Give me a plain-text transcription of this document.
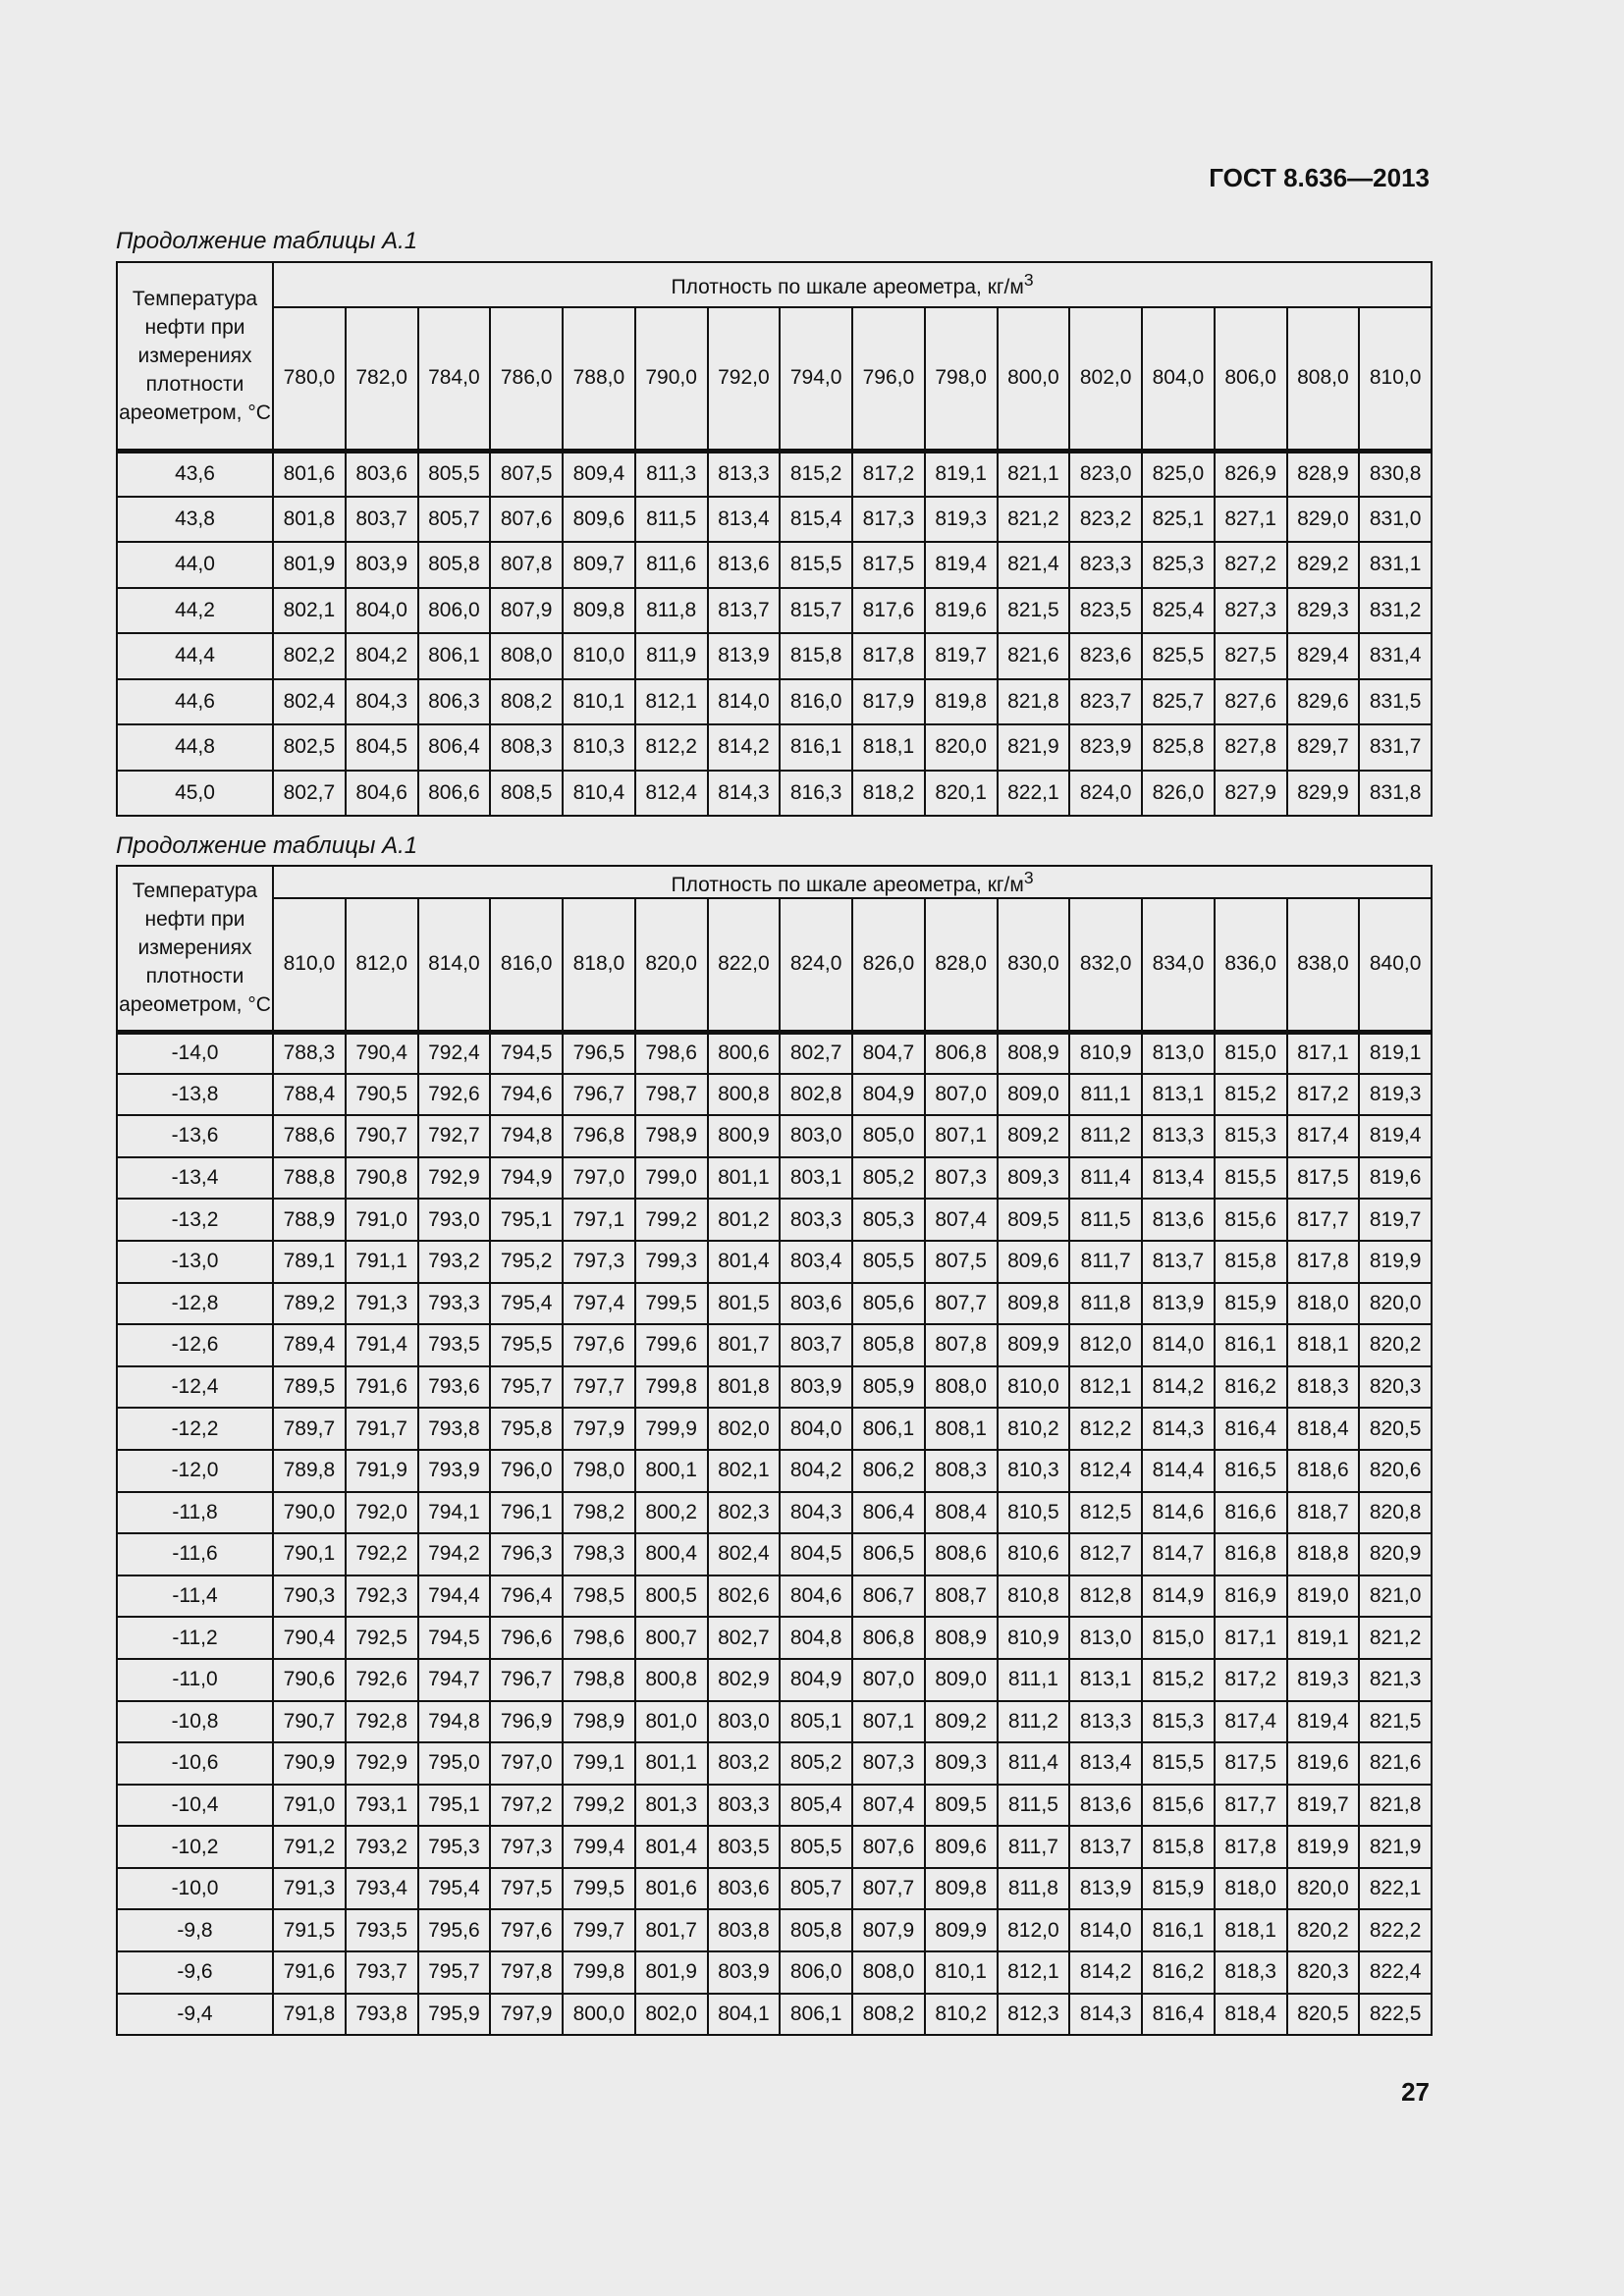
ГОСТ 8.636—2013
Продолжение таблицы А.1
Температура нефти при измерениях плотности ареометром, °С	Плотность по шкале ареометра, $кг/м^3$
	780,0	782,0	784,0	786,0	788,0	790,0	792,0	794,0	796,0	798,0	800,0	802,0	804,0	806,0	808,0	810,0
43,6	801,6	803,6	805,5	807,5	809,4	811,3	813,3	815,2	817,2	819,1	821,1	823,0	825,0	826,9	828,9	830,8
43,8	801,8	803,7	805,7	807,6	809,6	811,5	813,4	815,4	817,3	819,3	821,2	823,2	825,1	827,1	829,0	831,0
44,0	801,9	803,9	805,8	807,8	809,7	811,6	813,6	815,5	817,5	819,4	821,4	823,3	825,3	827,2	829,2	831,1
44,2	802,1	804,0	806,0	807,9	809,8	811,8	813,7	815,7	817,6	819,6	821,5	823,5	825,4	827,3	829,3	831,2
44,4	802,2	804,2	806,1	808,0	810,0	811,9	813,9	815,8	817,8	819,7	821,6	823,6	825,5	827,5	829,4	831,4
44,6	802,4	804,3	806,3	808,2	810,1	812,1	814,0	816,0	817,9	819,8	821,8	823,7	825,7	827,6	829,6	831,5
44,8	802,5	804,5	806,4	808,3	810,3	812,2	814,2	816,1	818,1	820,0	821,9	823,9	825,8	827,8	829,7	831,7
45,0	802,7	804,6	806,6	808,5	810,4	812,4	814,3	816,3	818,2	820,1	822,1	824,0	826,0	827,9	829,9	831,8
Продолжение таблицы А.1
Температура нефти при измерениях плотности ареометром, °С	Плотность по шкале ареометра, $кг/м^3$
	810,0	812,0	814,0	816,0	818,0	820,0	822,0	824,0	826,0	828,0	830,0	832,0	834,0	836,0	838,0	840,0
-14,0	788,3	790,4	792,4	794,5	796,5	798,6	800,6	802,7	804,7	806,8	808,9	810,9	813,0	815,0	817,1	819,1
-13,8	788,4	790,5	792,6	794,6	796,7	798,7	800,8	802,8	804,9	807,0	809,0	811,1	813,1	815,2	817,2	819,3
-13,6	788,6	790,7	792,7	794,8	796,8	798,9	800,9	803,0	805,0	807,1	809,2	811,2	813,3	815,3	817,4	819,4
-13,4	788,8	790,8	792,9	794,9	797,0	799,0	801,1	803,1	805,2	807,3	809,3	811,4	813,4	815,5	817,5	819,6
-13,2	788,9	791,0	793,0	795,1	797,1	799,2	801,2	803,3	805,3	807,4	809,5	811,5	813,6	815,6	817,7	819,7
-13,0	789,1	791,1	793,2	795,2	797,3	799,3	801,4	803,4	805,5	807,5	809,6	811,7	813,7	815,8	817,8	819,9
-12,8	789,2	791,3	793,3	795,4	797,4	799,5	801,5	803,6	805,6	807,7	809,8	811,8	813,9	815,9	818,0	820,0
-12,6	789,4	791,4	793,5	795,5	797,6	799,6	801,7	803,7	805,8	807,8	809,9	812,0	814,0	816,1	818,1	820,2
-12,4	789,5	791,6	793,6	795,7	797,7	799,8	801,8	803,9	805,9	808,0	810,0	812,1	814,2	816,2	818,3	820,3
-12,2	789,7	791,7	793,8	795,8	797,9	799,9	802,0	804,0	806,1	808,1	810,2	812,2	814,3	816,4	818,4	820,5
-12,0	789,8	791,9	793,9	796,0	798,0	800,1	802,1	804,2	806,2	808,3	810,3	812,4	814,4	816,5	818,6	820,6
-11,8	790,0	792,0	794,1	796,1	798,2	800,2	802,3	804,3	806,4	808,4	810,5	812,5	814,6	816,6	818,7	820,8
-11,6	790,1	792,2	794,2	796,3	798,3	800,4	802,4	804,5	806,5	808,6	810,6	812,7	814,7	816,8	818,8	820,9
-11,4	790,3	792,3	794,4	796,4	798,5	800,5	802,6	804,6	806,7	808,7	810,8	812,8	814,9	816,9	819,0	821,0
-11,2	790,4	792,5	794,5	796,6	798,6	800,7	802,7	804,8	806,8	808,9	810,9	813,0	815,0	817,1	819,1	821,2
-11,0	790,6	792,6	794,7	796,7	798,8	800,8	802,9	804,9	807,0	809,0	811,1	813,1	815,2	817,2	819,3	821,3
-10,8	790,7	792,8	794,8	796,9	798,9	801,0	803,0	805,1	807,1	809,2	811,2	813,3	815,3	817,4	819,4	821,5
-10,6	790,9	792,9	795,0	797,0	799,1	801,1	803,2	805,2	807,3	809,3	811,4	813,4	815,5	817,5	819,6	821,6
-10,4	791,0	793,1	795,1	797,2	799,2	801,3	803,3	805,4	807,4	809,5	811,5	813,6	815,6	817,7	819,7	821,8
-10,2	791,2	793,2	795,3	797,3	799,4	801,4	803,5	805,5	807,6	809,6	811,7	813,7	815,8	817,8	819,9	821,9
-10,0	791,3	793,4	795,4	797,5	799,5	801,6	803,6	805,7	807,7	809,8	811,8	813,9	815,9	818,0	820,0	822,1
-9,8	791,5	793,5	795,6	797,6	799,7	801,7	803,8	805,8	807,9	809,9	812,0	814,0	816,1	818,1	820,2	822,2
-9,6	791,6	793,7	795,7	797,8	799,8	801,9	803,9	806,0	808,0	810,1	812,1	814,2	816,2	818,3	820,3	822,4
-9,4	791,8	793,8	795,9	797,9	800,0	802,0	804,1	806,1	808,2	810,2	812,3	814,3	816,4	818,4	820,5	822,5
27
